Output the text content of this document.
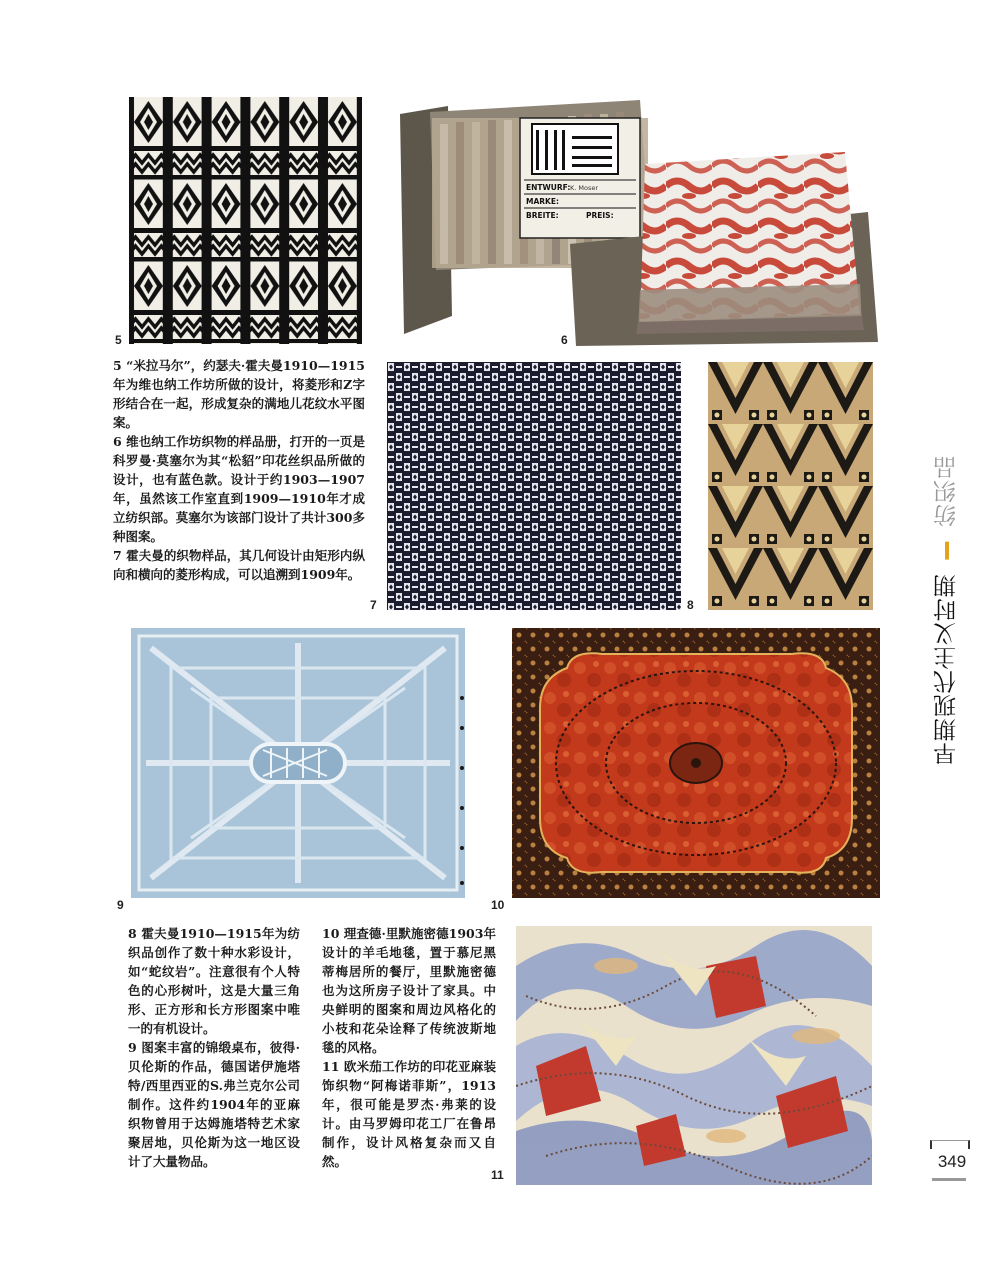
5
ENTWURF: K. Moser
MARKE:
BREITE:	PREIS:
6

5 “米拉马尔”，约瑟夫·霍夫曼1910—1915年为维也纳工作坊所做的设计，将菱形和Z字形结合在一起，形成复杂的满地儿花纹水平图案。

6 维也纳工作坊织物的样品册，打开的一页是科罗曼·莫塞尔为其“松貂”印花丝织品所做的设计，也有蓝色款。设计于约1903—1907年，虽然该工作室直到1909—1910年才成立纺织部。莫塞尔为该部门设计了共计300多种图案。

7 霍夫曼的织物样品，其几何设计由矩形内纵向和横向的菱形构成，可以追溯到1909年。

7	8
9	10

8 霍夫曼1910—1915年为纺织品创作了数十种水彩设计，如“蛇纹岩”。注意很有个人特色的心形树叶，这是大量三角形、正方形和长方形图案中唯一的有机设计。

9 图案丰富的锦缎桌布，彼得·贝伦斯的作品，德国诺伊施塔特/西里西亚的S.弗兰克尔公司制作。这件约1904年的亚麻织物曾用于达姆施塔特艺术家聚居地，贝伦斯为这一地区设计了大量物品。

10 理查德·里默施密德1903年设计的羊毛地毯，置于慕尼黑蒂梅居所的餐厅，里默施密德也为这所房子设计了家具。中央鲜明的图案和周边风格化的小枝和花朵诠释了传统波斯地毯的风格。

11 欧米茄工作坊的印花亚麻装饰织物“阿梅诺菲斯”，1913年，很可能是罗杰·弗莱的设计。由马罗姆印花工厂在鲁昂制作，设计风格复杂而又自然。

11
早期现代主义时期  纺织品
349
